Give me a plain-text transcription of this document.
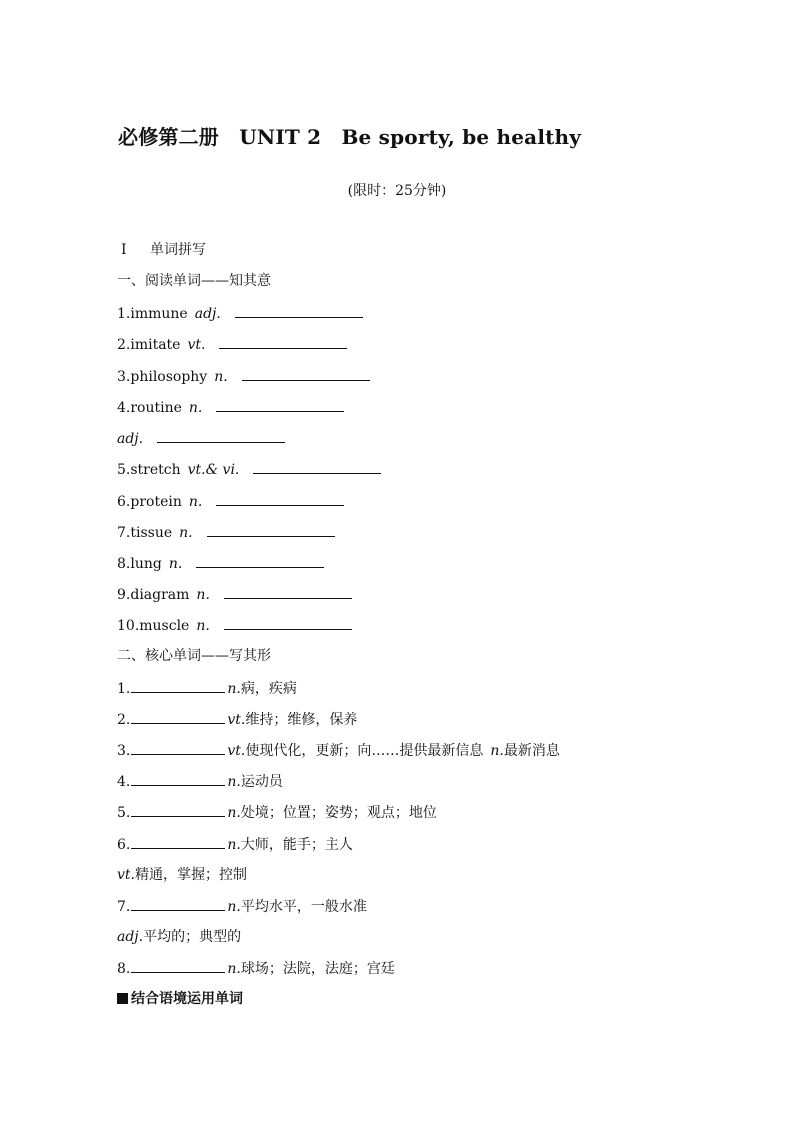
必修第二册　UNIT 2　Be sporty, be healthy
(限时：25分钟)
Ⅰ 单词拼写
一、阅读单词——知其意
1.immune  adj.
2.imitate  vt.
3.philosophy  n.
4.routine  n.
adj.
5.stretch  vt.& vi.
6.protein  n.
7.tissue  n.
8.lung  n.
9.diagram  n.
10.muscle  n.
二、核心单词——写其形
1.	n.病，疾病
2.	vt.维持；维修，保养
3.	vt.使现代化，更新；向……提供最新信息  n.最新消息
4.	n.运动员
5.	n.处境；位置；姿势；观点；地位
6.	n.大师，能手；主人
vt.精通，掌握；控制
7.	n.平均水平，一般水准
adj.平均的；典型的
8.	n.球场；法院，法庭；宫廷
结合语境运用单词
